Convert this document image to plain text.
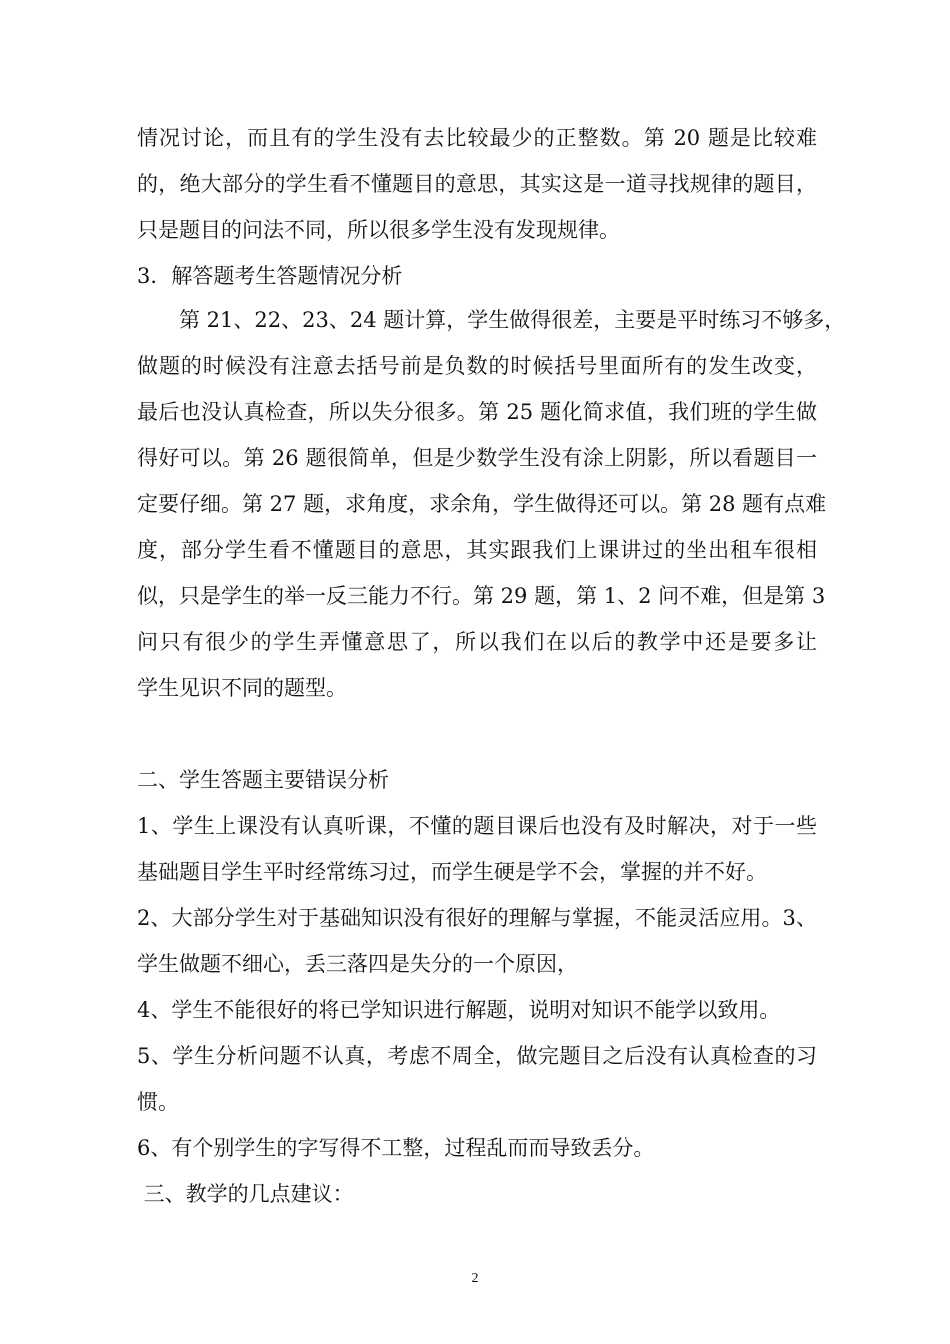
情况讨论，而且有的学生没有去比较最少的正整数。第 20 题是比较难
的，绝大部分的学生看不懂题目的意思，其实这是一道寻找规律的题目，
只是题目的问法不同，所以很多学生没有发现规律。
3．解答题考生答题情况分析
　　第 21、22、23、24 题计算，学生做得很差，主要是平时练习不够多，
做题的时候没有注意去括号前是负数的时候括号里面所有的发生改变，
最后也没认真检查，所以失分很多。第 25 题化简求值，我们班的学生做
得好可以。第 26 题很简单，但是少数学生没有涂上阴影，所以看题目一
定要仔细。第 27 题，求角度，求余角，学生做得还可以。第 28 题有点难
度，部分学生看不懂题目的意思，其实跟我们上课讲过的坐出租车很相
似，只是学生的举一反三能力不行。第 29 题，第 1、2 问不难，但是第 3
问只有很少的学生弄懂意思了，所以我们在以后的教学中还是要多让
学生见识不同的题型。
二、学生答题主要错误分析
1、学生上课没有认真听课，不懂的题目课后也没有及时解决，对于一些
基础题目学生平时经常练习过，而学生硬是学不会，掌握的并不好。
2、大部分学生对于基础知识没有很好的理解与掌握，不能灵活应用。3、
学生做题不细心，丢三落四是失分的一个原因，
4、学生不能很好的将已学知识进行解题，说明对知识不能学以致用。
5、学生分析问题不认真，考虑不周全，做完题目之后没有认真检查的习
惯。
6、有个别学生的字写得不工整，过程乱而而导致丢分。
三、教学的几点建议：
2
